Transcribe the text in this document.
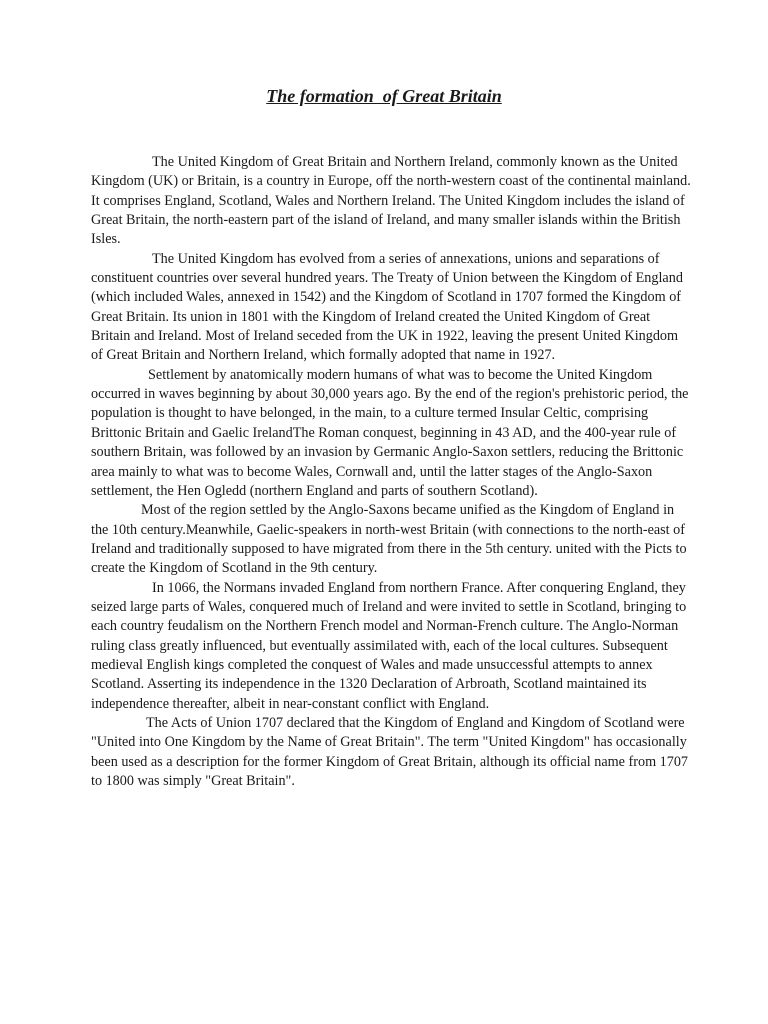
The formation  of Great Britain

The United Kingdom of Great Britain and Northern Ireland, commonly known as the United Kingdom (UK) or Britain, is a country in Europe, off the north-western coast of the continental mainland. It comprises England, Scotland, Wales and Northern Ireland. The United Kingdom includes the island of Great Britain, the north-eastern part of the island of Ireland, and many smaller islands within the British Isles.

The United Kingdom has evolved from a series of annexations, unions and separations of constituent countries over several hundred years. The Treaty of Union between the Kingdom of England (which included Wales, annexed in 1542) and the Kingdom of Scotland in 1707 formed the Kingdom of Great Britain. Its union in 1801 with the Kingdom of Ireland created the United Kingdom of Great Britain and Ireland. Most of Ireland seceded from the UK in 1922, leaving the present United Kingdom of Great Britain and Northern Ireland, which formally adopted that name in 1927.

Settlement by anatomically modern humans of what was to become the United Kingdom occurred in waves beginning by about 30,000 years ago. By the end of the region's prehistoric period, the population is thought to have belonged, in the main, to a culture termed Insular Celtic, comprising Brittonic Britain and Gaelic IrelandThe Roman conquest, beginning in 43 AD, and the 400-year rule of southern Britain, was followed by an invasion by Germanic Anglo-Saxon settlers, reducing the Brittonic area mainly to what was to become Wales, Cornwall and, until the latter stages of the Anglo-Saxon settlement, the Hen Ogledd (northern England and parts of southern Scotland).

Most of the region settled by the Anglo-Saxons became unified as the Kingdom of England in the 10th century.Meanwhile, Gaelic-speakers in north-west Britain (with connections to the north-east of Ireland and traditionally supposed to have migrated from there in the 5th century. united with the Picts to create the Kingdom of Scotland in the 9th century.

In 1066, the Normans invaded England from northern France. After conquering England, they seized large parts of Wales, conquered much of Ireland and were invited to settle in Scotland, bringing to each country feudalism on the Northern French model and Norman-French culture. The Anglo-Norman ruling class greatly influenced, but eventually assimilated with, each of the local cultures. Subsequent medieval English kings completed the conquest of Wales and made unsuccessful attempts to annex Scotland. Asserting its independence in the 1320 Declaration of Arbroath, Scotland maintained its independence thereafter, albeit in near-constant conflict with England.

The Acts of Union 1707 declared that the Kingdom of England and Kingdom of Scotland were "United into One Kingdom by the Name of Great Britain". The term "United Kingdom" has occasionally been used as a description for the former Kingdom of Great Britain, although its official name from 1707 to 1800 was simply "Great Britain".
